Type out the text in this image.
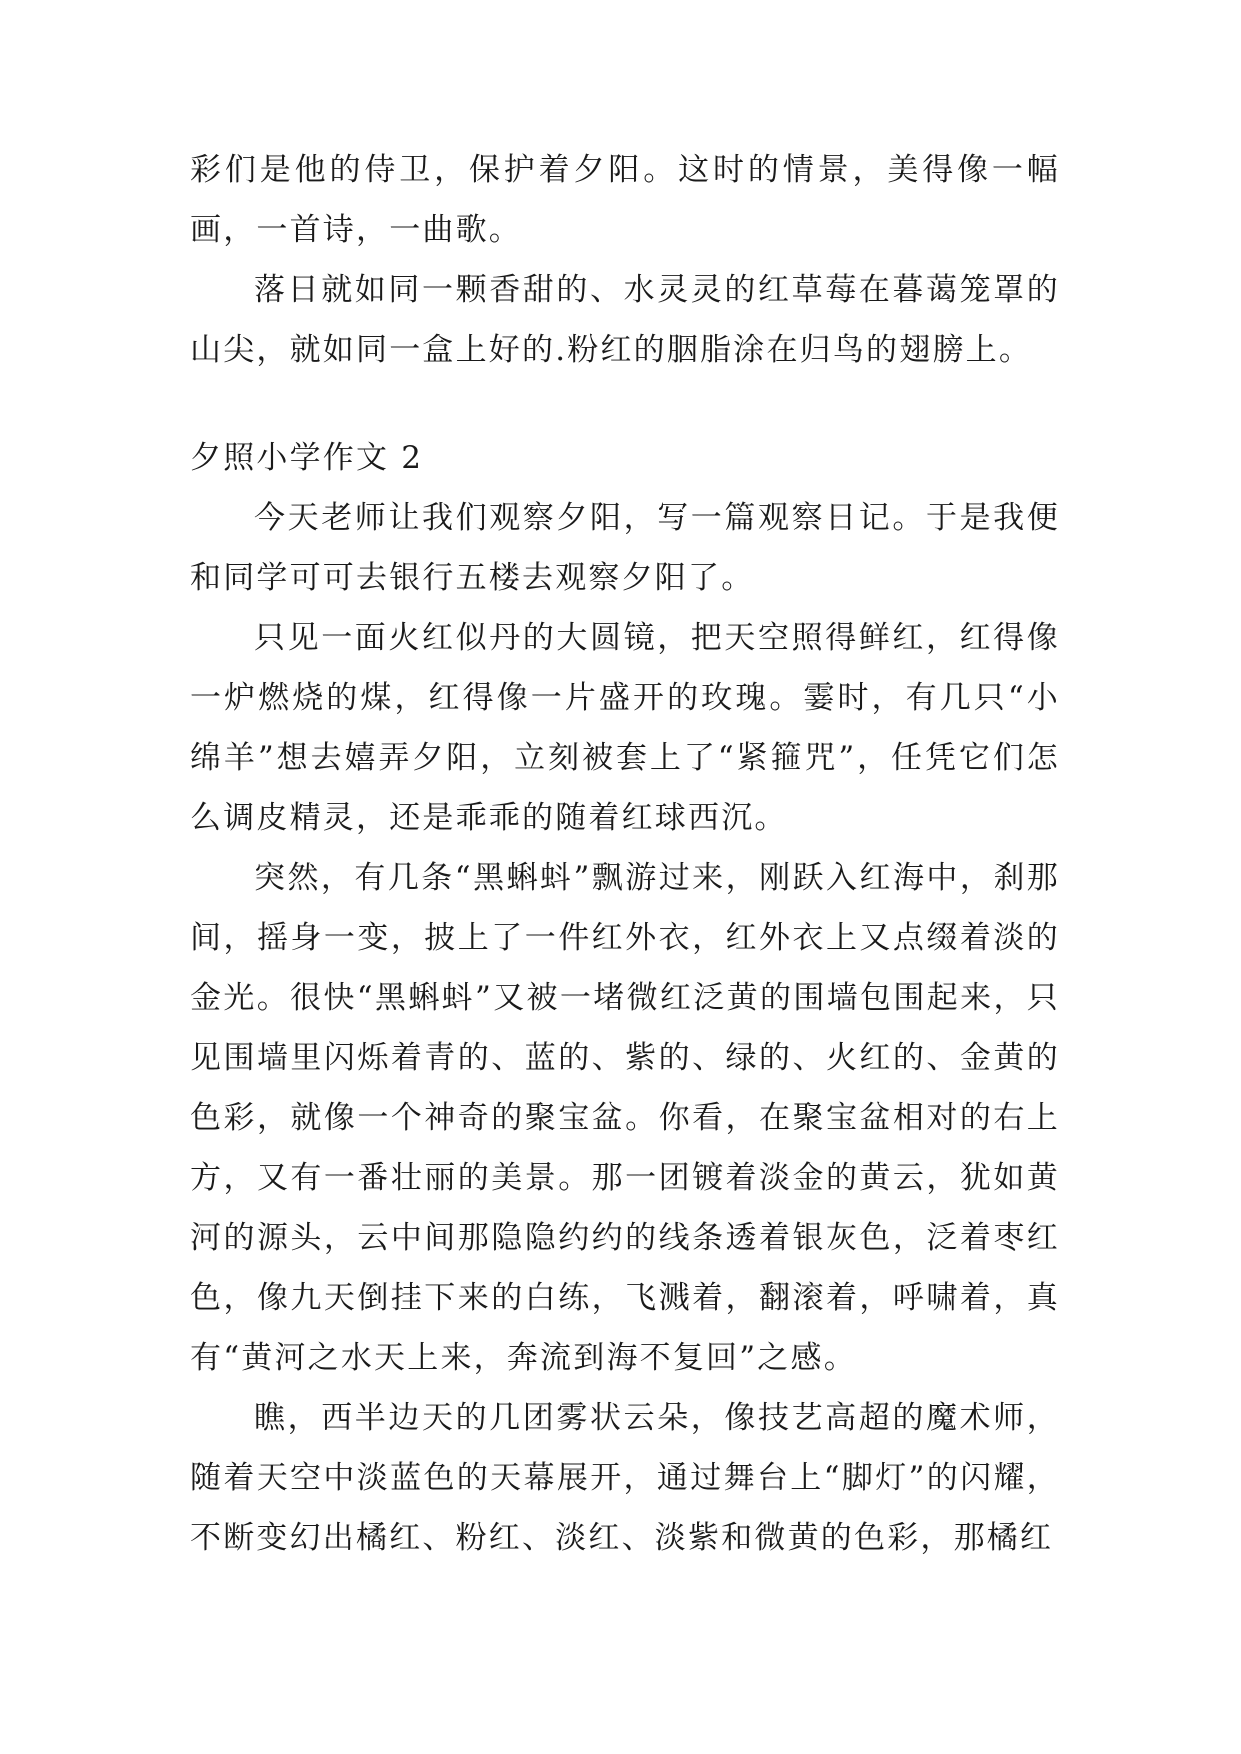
彩们是他的侍卫，保护着夕阳。这时的情景，美得像一幅画，一首诗，一曲歌。

落日就如同一颗香甜的、水灵灵的红草莓在暮蔼笼罩的山尖，就如同一盒上好的.粉红的胭脂涂在归鸟的翅膀上。

夕照小学作文 2

今天老师让我们观察夕阳，写一篇观察日记。于是我便和同学可可去银行五楼去观察夕阳了。

只见一面火红似丹的大圆镜，把天空照得鲜红，红得像一炉燃烧的煤，红得像一片盛开的玫瑰。霎时，有几只“小绵羊”想去嬉弄夕阳，立刻被套上了“紧箍咒”，任凭它们怎么调皮精灵，还是乖乖的随着红球西沉。

突然，有几条“黑蝌蚪”飘游过来，刚跃入红海中，刹那间，摇身一变，披上了一件红外衣，红外衣上又点缀着淡的金光。很快“黑蝌蚪”又被一堵微红泛黄的围墙包围起来，只见围墙里闪烁着青的、蓝的、紫的、绿的、火红的、金黄的色彩，就像一个神奇的聚宝盆。你看，在聚宝盆相对的右上方，又有一番壮丽的美景。那一团镀着淡金的黄云，犹如黄河的源头，云中间那隐隐约约的线条透着银灰色，泛着枣红色，像九天倒挂下来的白练，飞溅着，翻滚着，呼啸着，真有“黄河之水天上来，奔流到海不复回”之感。

瞧，西半边天的几团雾状云朵，像技艺高超的魔术师，随着天空中淡蓝色的天幕展开，通过舞台上“脚灯”的闪耀，不断变幻出橘红、粉红、淡红、淡紫和微黄的色彩，那橘红
